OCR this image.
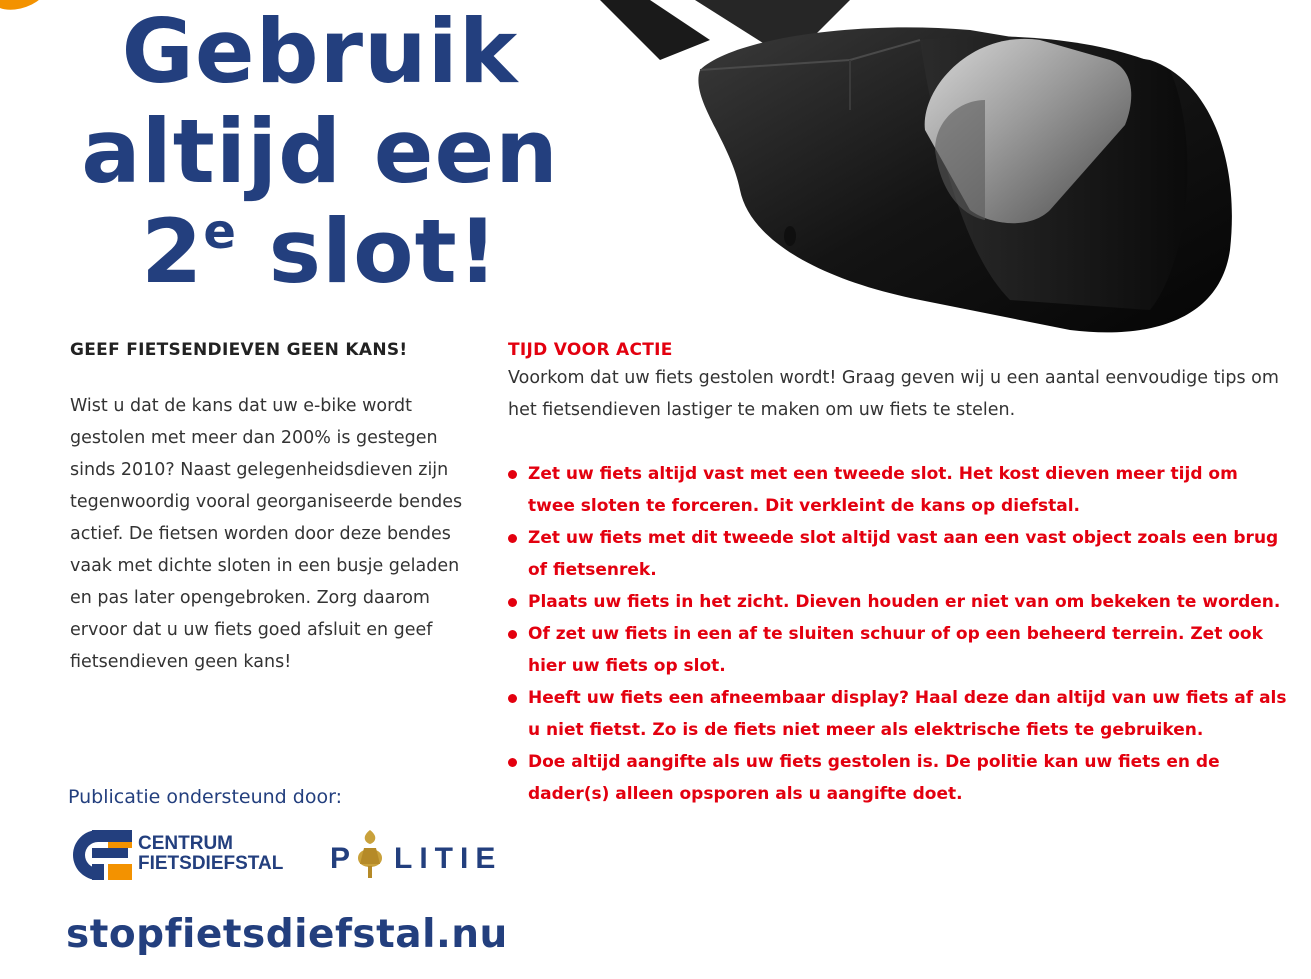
Gebruik
altijd een
2e slot!
GEEF FIETSENDIEVEN GEEN KANS!

Wist u dat de kans dat uw e-bike wordt gestolen met meer dan 200% is gestegen sinds 2010? Naast gelegenheidsdieven zijn tegenwoordig vooral georganiseerde bendes actief. De fietsen worden door deze bendes vaak met dichte sloten in een busje geladen en pas later opengebroken. Zorg daarom ervoor dat u uw fiets goed afsluit en geef fietsendieven geen kans!

TIJD VOOR ACTIE

Voorkom dat uw fiets gestolen wordt! Graag geven wij u een aantal eenvoudige tips om het fietsendieven lastiger te maken om uw fiets te stelen.

Zet uw fiets altijd vast met een tweede slot. Het kost dieven meer tijd om twee sloten te forceren. Dit verkleint de kans op diefstal.
Zet uw fiets met dit tweede slot altijd vast aan een vast object zoals een brug of fietsenrek.
Plaats uw fiets in het zicht. Dieven houden er niet van om bekeken te worden.
Of zet uw fiets in een af te sluiten schuur of op een beheerd terrein. Zet ook hier uw fiets op slot.
Heeft uw fiets een afneembaar display? Haal deze dan altijd van uw fiets af als u niet fietst. Zo is de fiets niet meer als elektrische fiets te gebruiken.
Doe altijd aangifte als uw fiets gestolen is. De politie kan uw fiets en de dader(s) alleen opsporen als u aangifte doet.

Publicatie ondersteund door:

CENTRUM
FIETSDIEFSTAL P LITIE

stopfietsdiefstal.nu
